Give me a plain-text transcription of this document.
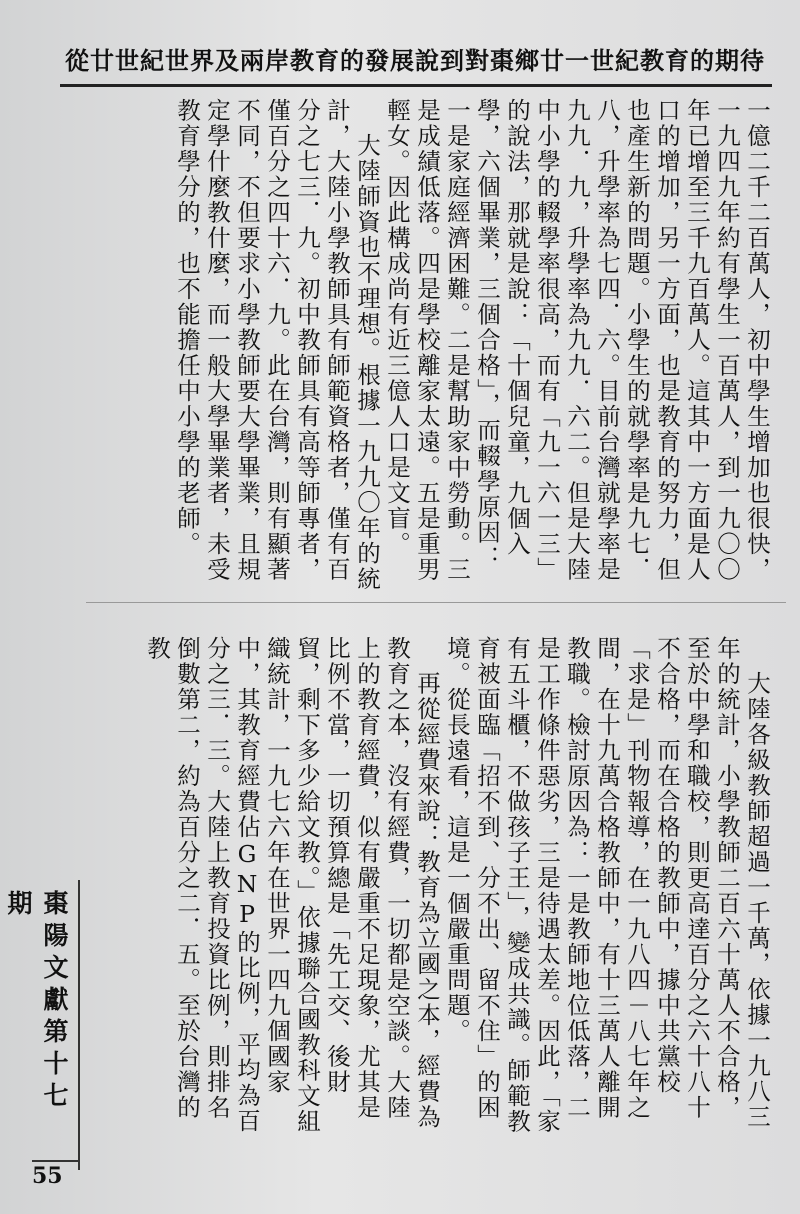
從廿世紀世界及兩岸教育的發展說到對棗鄉廿一世紀教育的期待

一億二千二百萬人，初中學生增加也很快，一九四九年約有學生一百萬人，到一九〇〇年已增至三千九百萬人。這其中一方面是人口的增加，另一方面，也是教育的努力，但也產生新的問題。小學生的就學率是九七．八，升學率為七四．六。目前台灣就學率是九九．九，升學率為九九．六二。但是大陸中小學的輟學率很高，而有「九一六一三」的說法，那就是說：「十個兒童，九個入學，六個畢業，三個合格」，而輟學原因：一是家庭經濟困難。二是幫助家中勞動。三是成績低落。四是學校離家太遠。五是重男輕女。因此構成尚有近三億人口是文盲。

大陸師資也不理想。根據一九九〇年的統計，大陸小學教師具有師範資格者，僅有百分之七三．九。初中教師具有高等師專者，僅百分之四十六．九。此在台灣，則有顯著不同，不但要求小學教師要大學畢業，且規定學什麼教什麼，而一般大學畢業者，未受教育學分的，也不能擔任中小學的老師。

大陸各級教師超過一千萬，依據一九八三年的統計，小學教師二百六十萬人不合格，至於中學和職校，則更高達百分之六十八十不合格，而在合格的教師中，據中共黨校「求是」刊物報導，在一九八四－八七年之間，在十九萬合格教師中，有十三萬人離開教職。檢討原因為：一是教師地位低落，二是工作條件惡劣，三是待遇太差。因此，「家有五斗櫃，不做孩子王」，變成共識。師範教育被面臨「招不到、分不出、留不住」的困境。從長遠看，這是一個嚴重問題。

再從經費來說：教育為立國之本，經費為教育之本，沒有經費，一切都是空談。大陸上的教育經費，似有嚴重不足現象，尤其是比例不當，一切預算總是「先工交、後財貿，剩下多少給文教。」依據聯合國教科文組織統計，一九七六年在世界一四九個國家中，其教育經費佔GNP的比例，平均為百分之三．三。大陸上教育投資比例，則排名倒數第二，約為百分之二．五。至於台灣的教

棗陽文獻第十七期
55
